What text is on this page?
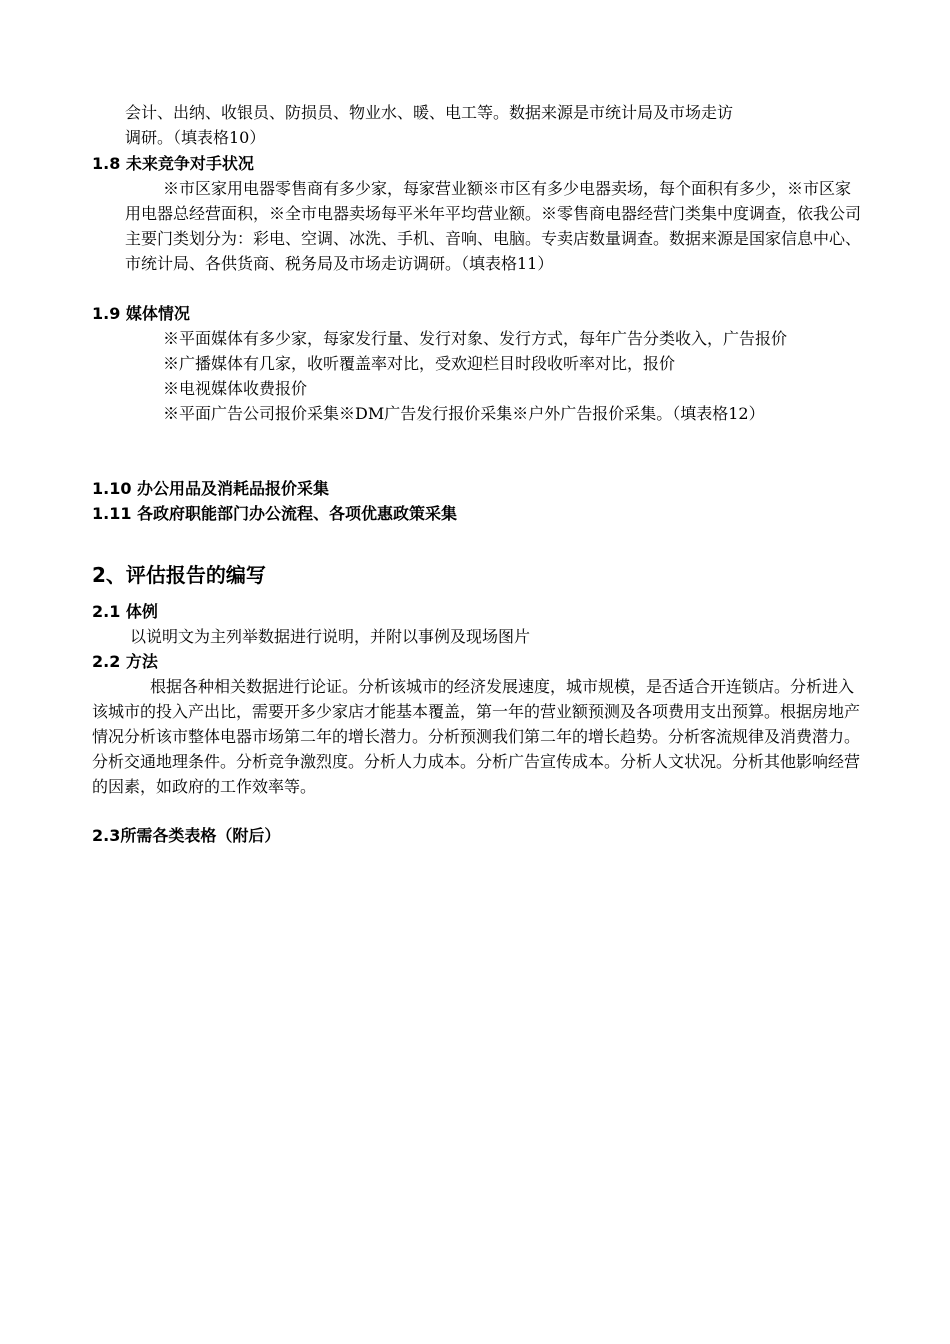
会计、出纳、收银员、防损员、物业水、暖、电工等。数据来源是市统计局及市场走访

调研。（填表格10）

1.8 未来竞争对手状况

※市区家用电器零售商有多少家，每家营业额※市区有多少电器卖场，每个面积有多少，※市区家用电器总经营面积，※全市电器卖场每平米年平均营业额。※零售商电器经营门类集中度调查，依我公司主要门类划分为：彩电、空调、冰洗、手机、音响、电脑。专卖店数量调查。数据来源是国家信息中心、市统计局、各供货商、税务局及市场走访调研。（填表格11）

1.9 媒体情况

※平面媒体有多少家，每家发行量、发行对象、发行方式，每年广告分类收入，广告报价

※广播媒体有几家，收听覆盖率对比，受欢迎栏目时段收听率对比，报价

※电视媒体收费报价

※平面广告公司报价采集※DM广告发行报价采集※户外广告报价采集。（填表格12）

1.10 办公用品及消耗品报价采集

1.11 各政府职能部门办公流程、各项优惠政策采集

2、评估报告的编写

2.1 体例

以说明文为主列举数据进行说明，并附以事例及现场图片

2.2 方法

根据各种相关数据进行论证。分析该城市的经济发展速度，城市规模，是否适合开连锁店。分析进入该城市的投入产出比，需要开多少家店才能基本覆盖，第一年的营业额预测及各项费用支出预算。根据房地产情况分析该市整体电器市场第二年的增长潜力。分析预测我们第二年的增长趋势。分析客流规律及消费潜力。分析交通地理条件。分析竞争激烈度。分析人力成本。分析广告宣传成本。分析人文状况。分析其他影响经营的因素，如政府的工作效率等。

2.3所需各类表格（附后）
